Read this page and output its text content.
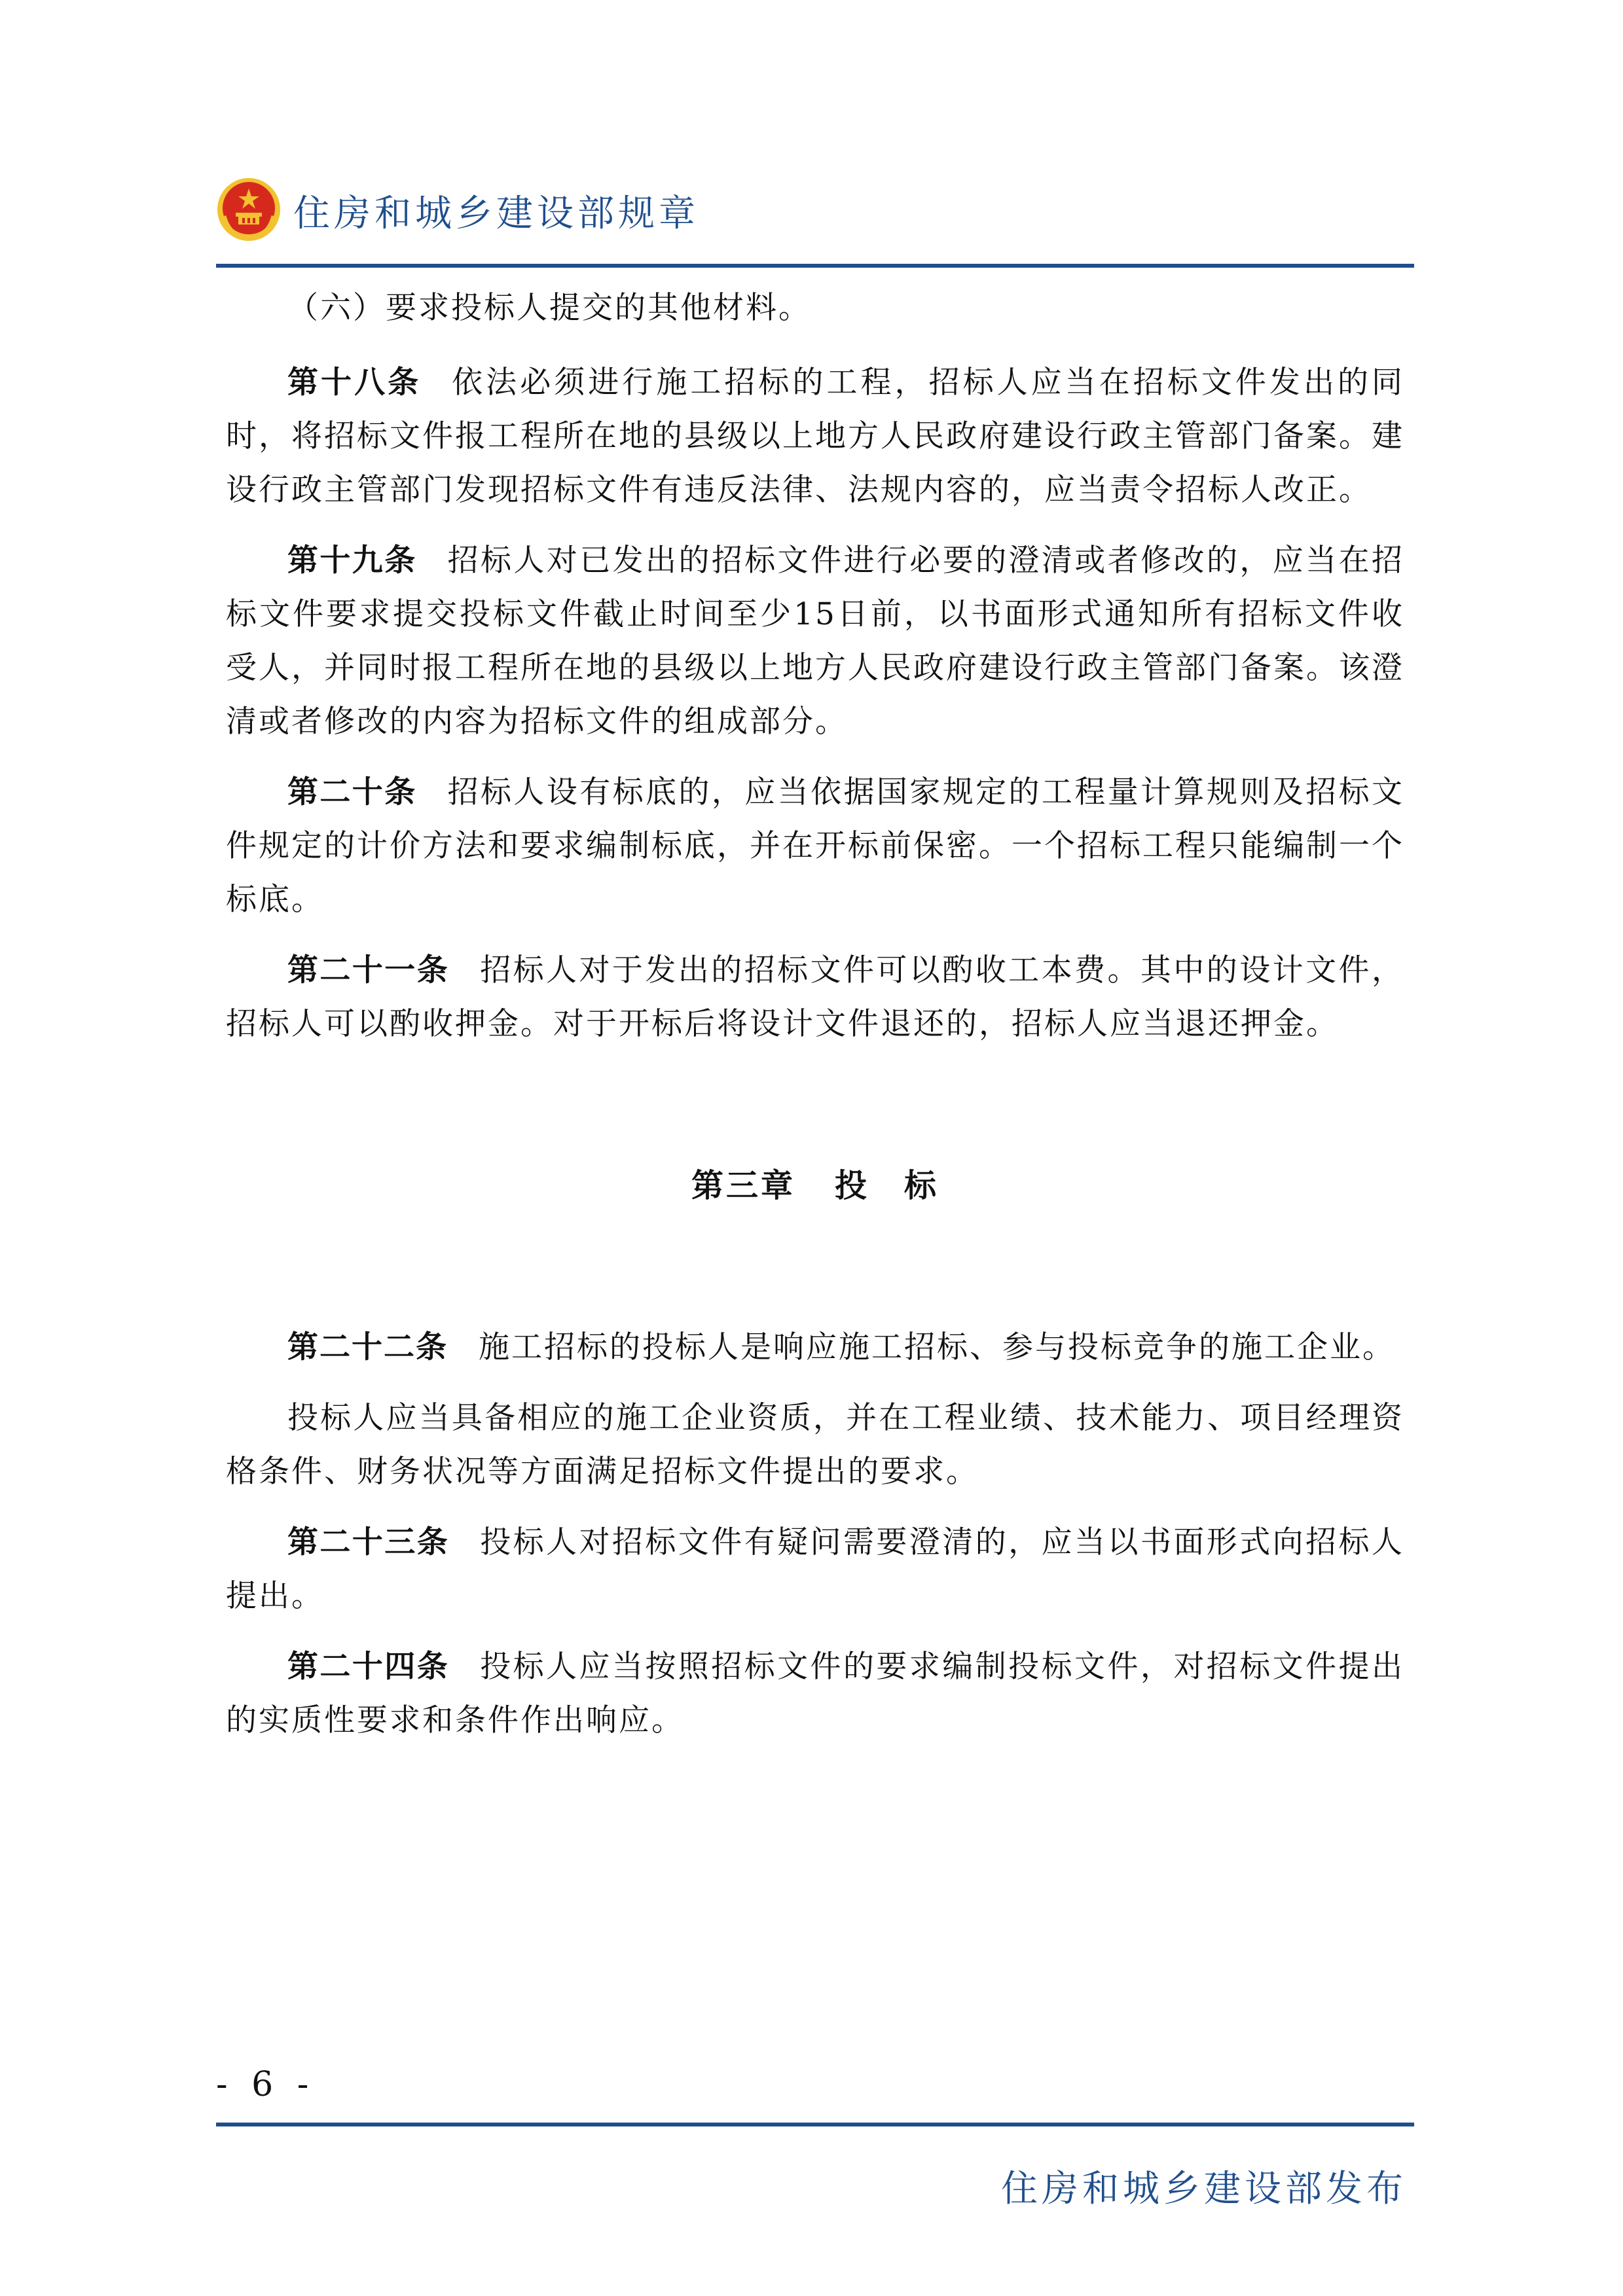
住房和城乡建设部规章

（六）要求投标人提交的其他材料。

第十八条 依法必须进行施工招标的工程，招标人应当在招标文件发出的同时，将招标文件报工程所在地的县级以上地方人民政府建设行政主管部门备案。建设行政主管部门发现招标文件有违反法律、法规内容的，应当责令招标人改正。

第十九条 招标人对已发出的招标文件进行必要的澄清或者修改的，应当在招标文件要求提交投标文件截止时间至少15日前，以书面形式通知所有招标文件收受人，并同时报工程所在地的县级以上地方人民政府建设行政主管部门备案。该澄清或者修改的内容为招标文件的组成部分。

第二十条 招标人设有标底的，应当依据国家规定的工程量计算规则及招标文件规定的计价方法和要求编制标底，并在开标前保密。一个招标工程只能编制一个标底。

第二十一条 招标人对于发出的招标文件可以酌收工本费。其中的设计文件，招标人可以酌收押金。对于开标后将设计文件退还的，招标人应当退还押金。

第三章 投　标

第二十二条 施工招标的投标人是响应施工招标、参与投标竞争的施工企业。

投标人应当具备相应的施工企业资质，并在工程业绩、技术能力、项目经理资格条件、财务状况等方面满足招标文件提出的要求。

第二十三条 投标人对招标文件有疑问需要澄清的，应当以书面形式向招标人提出。

第二十四条 投标人应当按照招标文件的要求编制投标文件，对招标文件提出的实质性要求和条件作出响应。

- 6 -
住房和城乡建设部发布
